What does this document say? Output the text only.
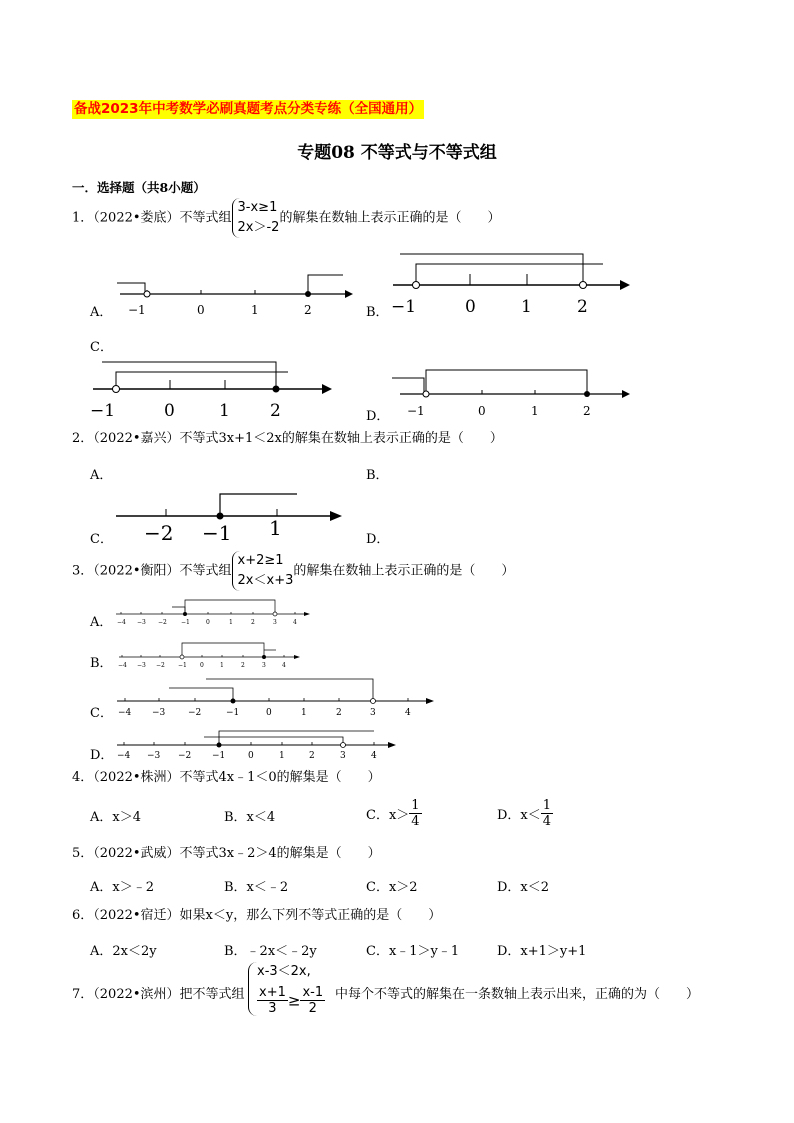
备战2023年中考数学必刷真题考点分类专练（全国通用）
专题08 不等式与不等式组
一．选择题（共8小题）
1．（2022•娄底）不等式组
3-x≥1
2x＞-2
的解集在数轴上表示正确的是（　　）
A． −1	0	1	2	B． −1	0	1	2
C．
−1	0	1 2	D． −1	0	1	2
2．（2022•嘉兴）不等式3x+1＜2x的解集在数轴上表示正确的是（　　）
A．	B．
C． −2 −1 1	D．
3．（2022•衡阳）不等式组
x+2≥1
2x＜x+3
的解集在数轴上表示正确的是（　　）
A． −4 −3 −2 −1	0	1	2	3	4
B． −4 −3 −2 −1 0	1	2	3	4
C． −4 −3	−2	−1	0	1	2	3	4
D． −4 −3 −2 −1	0	1	2	3	4
4．（2022•株洲）不等式4x﹣1＜0的解集是（　　）
A．x＞4	B．x＜4	C．$x> \frac{1}{4}$	D．$x< \frac{1}{4}$
5．（2022•武威）不等式3x﹣2＞4的解集是（　　）
A．x＞﹣2	B．x＜﹣2	C．x＞2	D．x＜2
6．（2022•宿迁）如果x＜y，那么下列不等式正确的是（　　）
A．2x＜2y	B．﹣2x＜﹣2y	C．x﹣1＞y﹣1	D．x+1＞y+1
7．（2022•滨州）把不等式组
x-3＜2x,
$\frac{x+1}{3} \ge \frac{x-1}{2}$ 中每个不等式的解集在一条数轴上表示出来，正确的为（　　）
